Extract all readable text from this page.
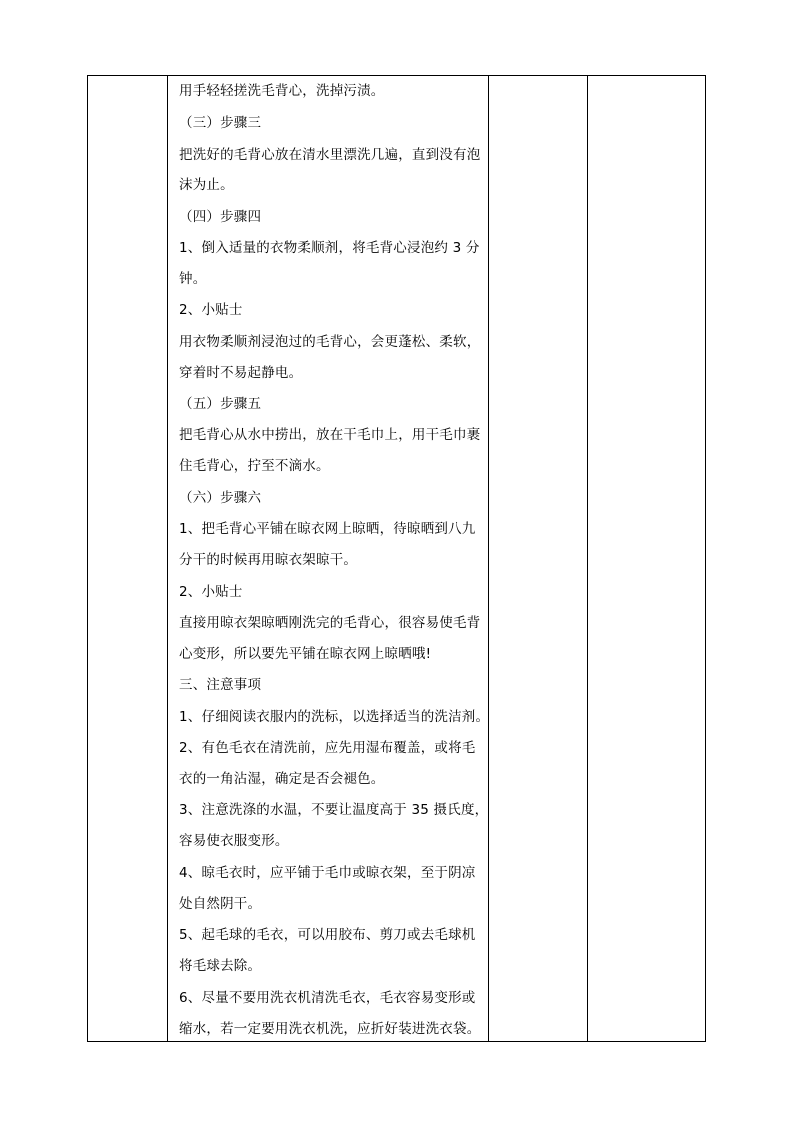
用手轻轻搓洗毛背心，洗掉污渍。
（三）步骤三
把洗好的毛背心放在清水里漂洗几遍，直到没有泡
沫为止。
（四）步骤四
1、倒入适量的衣物柔顺剂，将毛背心浸泡约 3 分
钟。
2、小贴士
用衣物柔顺剂浸泡过的毛背心，会更蓬松、柔软，
穿着时不易起静电。
（五）步骤五
把毛背心从水中捞出，放在干毛巾上，用干毛巾裹
住毛背心，拧至不滴水。
（六）步骤六
1、把毛背心平铺在晾衣网上晾晒，待晾晒到八九
分干的时候再用晾衣架晾干。
2、小贴士
直接用晾衣架晾晒刚洗完的毛背心，很容易使毛背
心变形，所以要先平铺在晾衣网上晾晒哦!
三、注意事项
1、仔细阅读衣服内的洗标，以选择适当的洗洁剂。
2、有色毛衣在清洗前，应先用湿布覆盖，或将毛
衣的一角沾湿，确定是否会褪色。
3、注意洗涤的水温，不要让温度高于 35 摄氏度，
容易使衣服变形。
4、晾毛衣时，应平铺于毛巾或晾衣架，至于阴凉
处自然阴干。
5、起毛球的毛衣，可以用胶布、剪刀或去毛球机
将毛球去除。
6、尽量不要用洗衣机清洗毛衣，毛衣容易变形或
缩水，若一定要用洗衣机洗，应折好装进洗衣袋。
